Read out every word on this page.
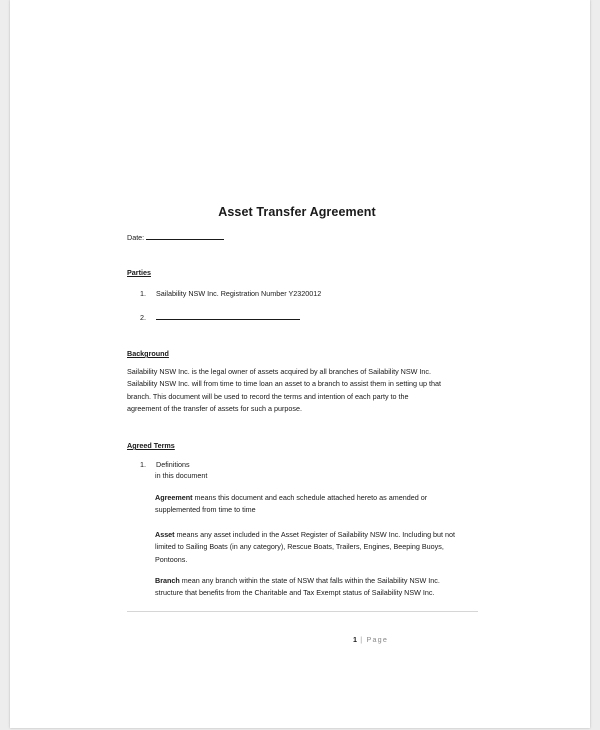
Asset Transfer Agreement
Date:
Parties
1. Sailability NSW Inc. Registration Number Y2320012
2.
Background
Sailability NSW Inc. is the legal owner of assets acquired by all branches of Sailability NSW Inc.
Sailability NSW Inc. will from time to time loan an asset to a branch to assist them in setting up that
branch. This document will be used to record the terms and intention of each party to the
agreement of the transfer of assets for such a purpose.
Agreed Terms
1. Definitions
in this document
Agreement means this document and each schedule attached hereto as amended or
supplemented from time to time
Asset means any asset included in the Asset Register of Sailability NSW Inc. Including but not
limited to Sailing Boats (in any category), Rescue Boats, Trailers, Engines, Beeping Buoys,
Pontoons.
Branch mean any branch within the state of NSW that falls within the Sailability NSW Inc.
structure that benefits from the Charitable and Tax Exempt status of Sailability NSW Inc.
1 | Page
